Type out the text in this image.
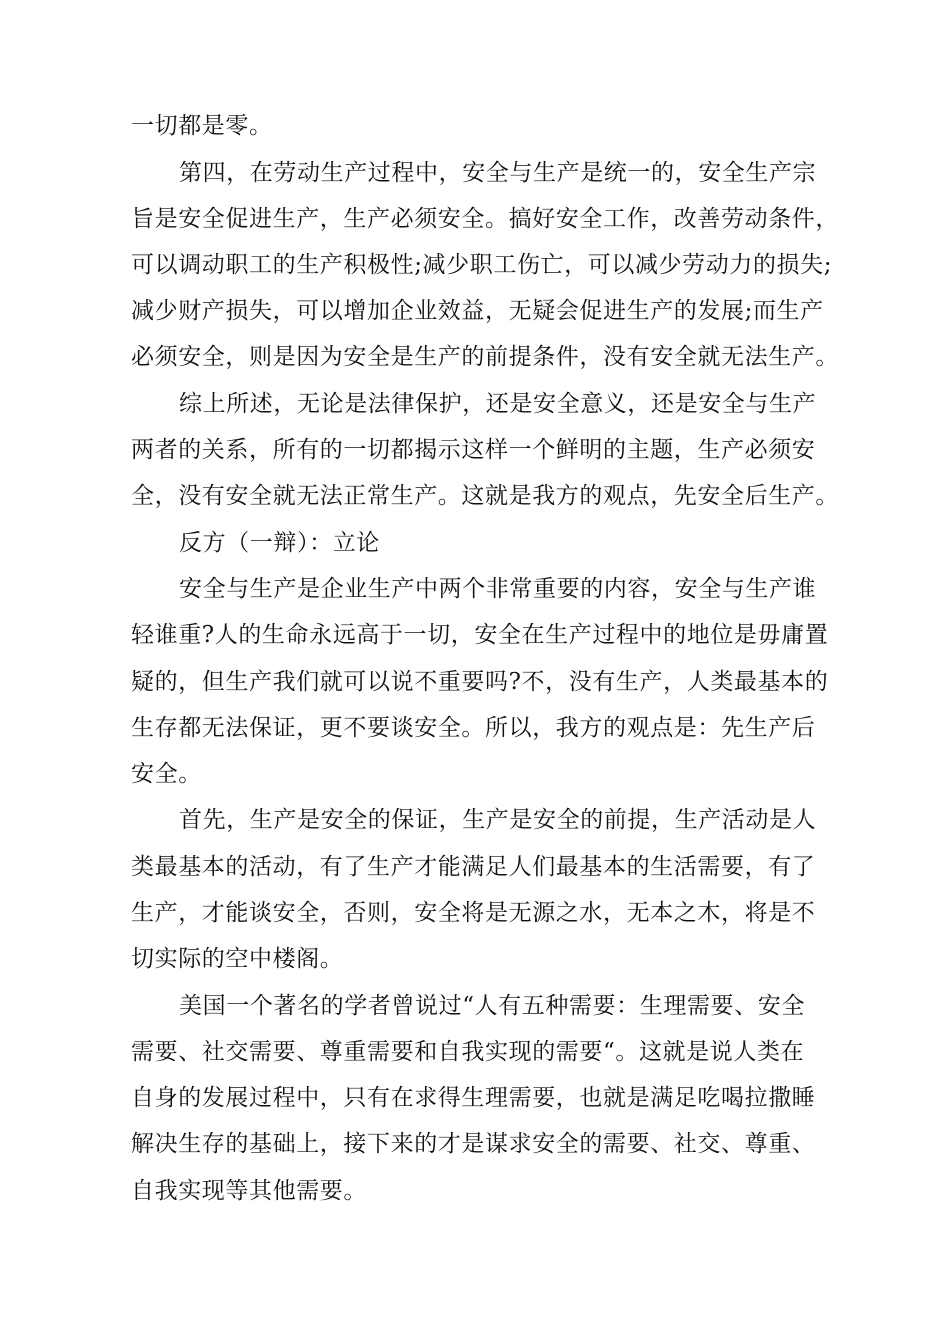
一切都是零。
第四，在劳动生产过程中，安全与生产是统一的，安全生产宗
旨是安全促进生产，生产必须安全。搞好安全工作，改善劳动条件，
可以调动职工的生产积极性;减少职工伤亡，可以减少劳动力的损失;
减少财产损失，可以增加企业效益，无疑会促进生产的发展;而生产
必须安全，则是因为安全是生产的前提条件，没有安全就无法生产。
综上所述，无论是法律保护，还是安全意义，还是安全与生产
两者的关系，所有的一切都揭示这样一个鲜明的主题，生产必须安
全，没有安全就无法正常生产。这就是我方的观点，先安全后生产。
反方（一辩）：立论
安全与生产是企业生产中两个非常重要的内容，安全与生产谁
轻谁重?人的生命永远高于一切，安全在生产过程中的地位是毋庸置
疑的，但生产我们就可以说不重要吗?不，没有生产，人类最基本的
生存都无法保证，更不要谈安全。所以，我方的观点是：先生产后
安全。
首先，生产是安全的保证，生产是安全的前提，生产活动是人
类最基本的活动，有了生产才能满足人们最基本的生活需要，有了
生产，才能谈安全，否则，安全将是无源之水，无本之木，将是不
切实际的空中楼阁。
美国一个著名的学者曾说过“人有五种需要：生理需要、安全
需要、社交需要、尊重需要和自我实现的需要“。这就是说人类在
自身的发展过程中，只有在求得生理需要，也就是满足吃喝拉撒睡
解决生存的基础上，接下来的才是谋求安全的需要、社交、尊重、
自我实现等其他需要。
